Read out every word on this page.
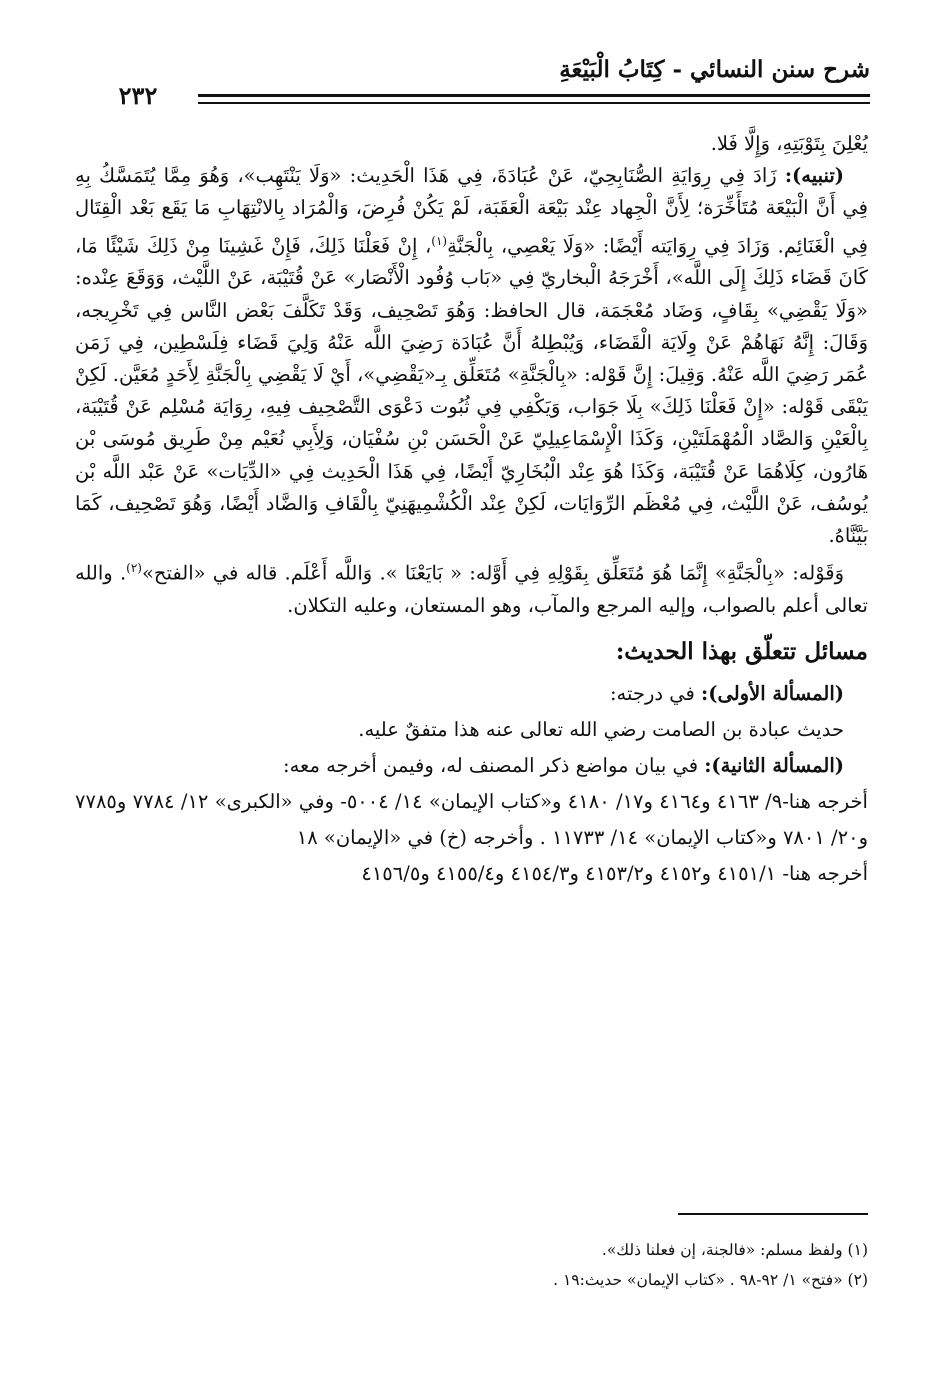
شرح سنن النسائي - كِتَابُ الْبَيْعَةِ
٢٣٢

يُعْلِنَ بِتَوْبَتِهِ، وَإِلَّا فَلا.

(تنبيه): زَادَ فِي رِوَايَةِ الصُّنَابِحِيّ، عَنْ عُبَادَةَ، فِي هَذَا الْحَدِيث: «وَلَا يَنْتَهِب»، وَهُوَ مِمَّا يُتَمَسَّكُ بِهِ فِي أَنَّ الْبَيْعَة مُتَأَخِّرَة؛ لِأَنَّ الْجِهاد عِنْد بَيْعَة الْعَقَبَة، لَمْ يَكُنْ فُرِضَ، وَالْمُرَاد بِالانْتِهَابِ مَا يَقَع بَعْد الْقِتَال فِي الْغَنَائِم. وَزَادَ فِي رِوَايَته أَيْضًا: «وَلَا يَعْصِي، بِالْجَنَّةِ$^{(١)}$، إِنْ فَعَلْنَا ذَلِكَ، فَإِنْ غَشِينَا مِنْ ذَلِكَ شَيْئًا مَا، كَانَ قَضَاء ذَلِكَ إِلَى اللَّه»، أَخْرَجَهُ الْبخاريّ فِي «بَاب وُفُود الْأَنْصَار» عَنْ قُتَيْبَة، عَنْ اللَّيْث، وَوَقَعَ عِنْده: «وَلَا يَقْضِي» بِقَافٍ، وَضَاد مُعْجَمَة، قال الحافظ: وَهُوَ تَصْحِيف، وَقَدْ تَكَلَّفَ بَعْض النَّاس فِي تَخْرِيجه، وَقَالَ: إِنَّهُ نَهَاهُمْ عَنْ وِلَايَة الْقَضَاء، وَيُبْطِلهُ أَنَّ عُبَادَة رَضِيَ اللَّه عَنْهُ وَلِيَ قَضَاء فِلَسْطِين، فِي زَمَن عُمَر رَضِيَ اللَّه عَنْهُ. وَقِيلَ: إِنَّ قَوْله: «بِالْجَنَّةِ» مُتَعَلِّق بِـ«يَقْضِي»، أَيْ لَا يَقْضِي بِالْجَنَّةِ لِأَحَدٍ مُعَيَّن. لَكِنْ يَبْقَى قَوْله: «إِنْ فَعَلْنَا ذَلِكَ» بِلَا جَوَاب، وَيَكْفِي فِي ثُبُوت دَعْوَى التَّصْحِيف فِيهِ، رِوَايَة مُسْلِم عَنْ قُتَيْبَة، بِالْعَيْنِ وَالصَّاد الْمُهْمَلَتَيْنِ، وَكَذَا الْإِسْمَاعِيلِيّ عَنْ الْحَسَن بْنِ سُفْيَان، وَلِأَبِي نُعَيْم مِنْ طَرِيق مُوسَى بْن هَارُون، كِلَاهُمَا عَنْ قُتَيْبَة، وَكَذَا هُوَ عِنْد الْبُخَارِيّ أَيْضًا، فِي هَذَا الْحَدِيث فِي «الدِّيَات» عَنْ عَبْد اللَّه بْن يُوسُف، عَنْ اللَّيْث، فِي مُعْظَم الرِّوَايَات، لَكِنْ عِنْد الْكُشْمِيهَنِيّ بِالْقَافِ وَالضَّاد أَيْضًا، وَهُوَ تَصْحِيف، كَمَا بَيَّنَّاهُ.

وَقَوْله: «بِالْجَنَّةِ» إِنَّمَا هُوَ مُتَعَلِّق بِقَوْلِهِ فِي أَوَّله: « بَايَعْنَا ». وَاللَّه أَعْلَم. قاله في «الفتح»$^{(٢)}$. والله تعالى أعلم بالصواب، وإليه المرجع والمآب، وهو المستعان، وعليه التكلان.

مسائل تتعلّق بهذا الحديث:

(المسألة الأولى): في درجته:

حديث عبادة بن الصامت رضي الله تعالى عنه هذا متفقٌ عليه.

(المسألة الثانية): في بيان مواضع ذكر المصنف له، وفيمن أخرجه معه:

أخرجه هنا-٩/ ٤١٦٣ و٤١٦٤ و١٧/ ٤١٨٠ و«كتاب الإيمان» ١٤/ ٥٠٠٤- وفي «الكبرى» ١٢/ ٧٧٨٤ و٧٧٨٥ و٢٠/ ٧٨٠١ و«كتاب الإيمان» ١٤/ ١١٧٣٣ . وأخرجه (خ) في «الإيمان» ١٨

أخرجه هنا- ٤١٥١/١ و٤١٥٢ و٤١٥٣/٢ و٤١٥٤/٣ و٤١٥٥/٤ و٤١٥٦/٥

(١) ولفظ مسلم: «فالجنة، إن فعلنا ذلك».

(٢) «فتح» ١/ ٩٢-٩٨ . «كتاب الإيمان» حديث:١٩ .
